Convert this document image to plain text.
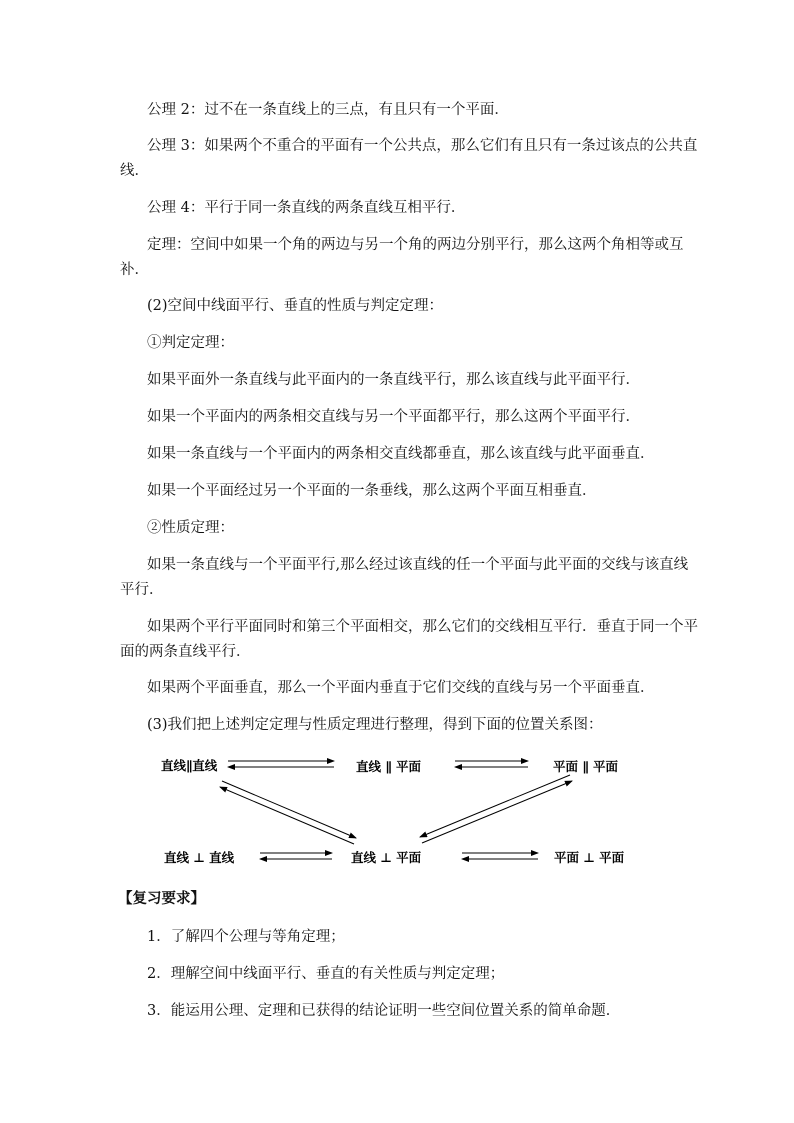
公理 2：过不在一条直线上的三点，有且只有一个平面．
公理 3：如果两个不重合的平面有一个公共点，那么它们有且只有一条过该点的公共直
线．
公理 4：平行于同一条直线的两条直线互相平行．
定理：空间中如果一个角的两边与另一个角的两边分别平行，那么这两个角相等或互
补．
(2)空间中线面平行、垂直的性质与判定定理：
①判定定理：
如果平面外一条直线与此平面内的一条直线平行，那么该直线与此平面平行．
如果一个平面内的两条相交直线与另一个平面都平行，那么这两个平面平行．
如果一条直线与一个平面内的两条相交直线都垂直，那么该直线与此平面垂直．
如果一个平面经过另一个平面的一条垂线，那么这两个平面互相垂直．
②性质定理：
如果一条直线与一个平面平行,那么经过该直线的任一个平面与此平面的交线与该直线
平行．
如果两个平行平面同时和第三个平面相交，那么它们的交线相互平行．垂直于同一个平
面的两条直线平行．
如果两个平面垂直，那么一个平面内垂直于它们交线的直线与另一个平面垂直．
(3)我们把上述判定定理与性质定理进行整理，得到下面的位置关系图：
直线∥直线	直线 ∥ 平面	平面 ∥ 平面
直线 ⊥ 直线	直线 ⊥ 平面	平面 ⊥ 平面
【复习要求】
1．了解四个公理与等角定理；
2．理解空间中线面平行、垂直的有关性质与判定定理；
3．能运用公理、定理和已获得的结论证明一些空间位置关系的简单命题．
